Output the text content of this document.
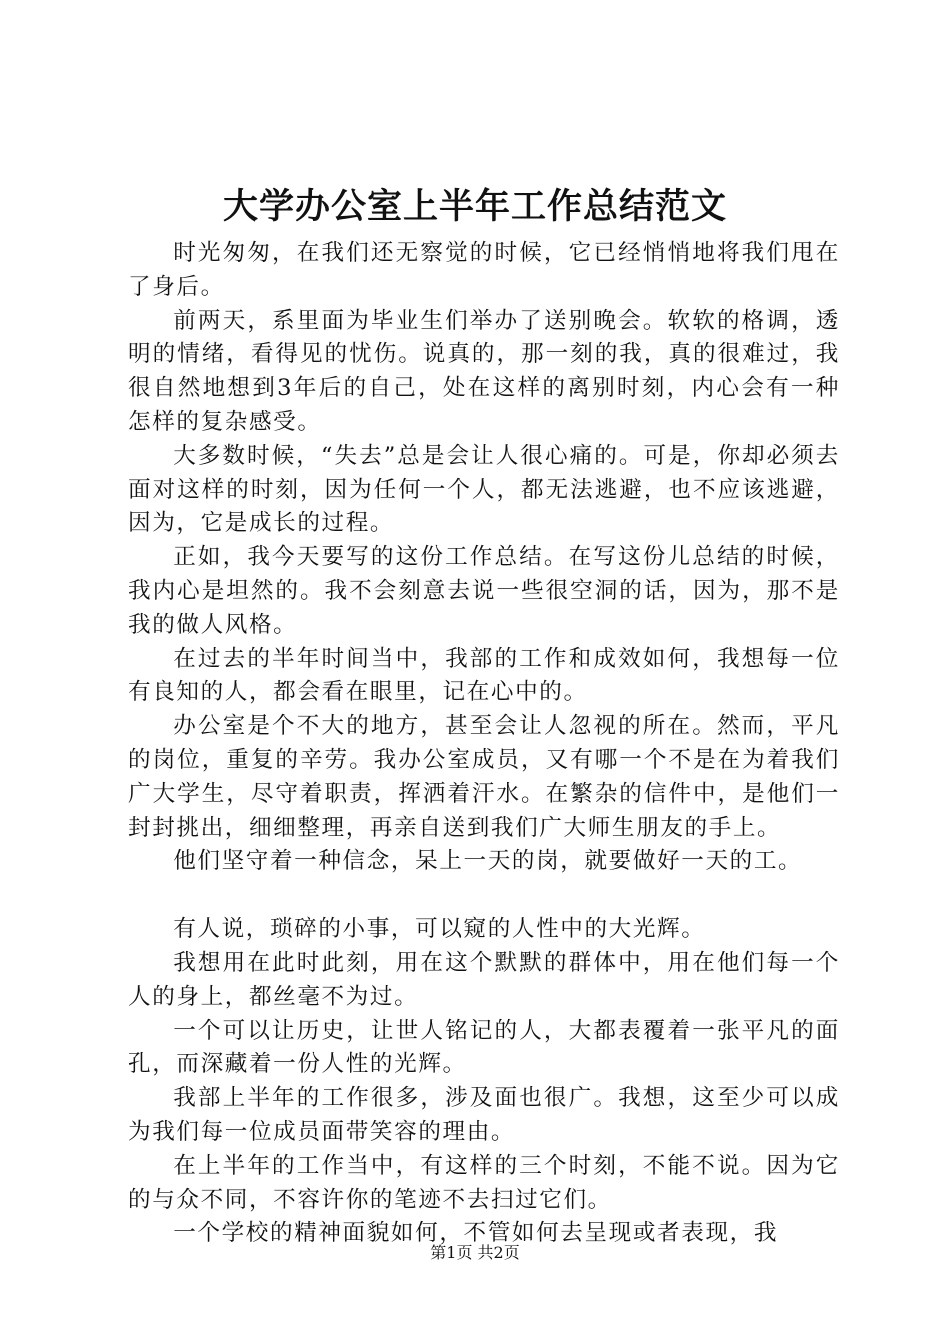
大学办公室上半年工作总结范文

时光匆匆，在我们还无察觉的时候，它已经悄悄地将我们甩在了身后。

前两天，系里面为毕业生们举办了送别晚会。软软的格调，透明的情绪，看得见的忧伤。说真的，那一刻的我，真的很难过，我很自然地想到3年后的自己，处在这样的离别时刻，内心会有一种怎样的复杂感受。

大多数时候，“失去”总是会让人很心痛的。可是，你却必须去面对这样的时刻，因为任何一个人，都无法逃避，也不应该逃避，因为，它是成长的过程。

正如，我今天要写的这份工作总结。在写这份儿总结的时候，我内心是坦然的。我不会刻意去说一些很空洞的话，因为，那不是我的做人风格。

在过去的半年时间当中，我部的工作和成效如何，我想每一位有良知的人，都会看在眼里，记在心中的。

办公室是个不大的地方，甚至会让人忽视的所在。然而，平凡的岗位，重复的辛劳。我办公室成员，又有哪一个不是在为着我们广大学生，尽守着职责，挥洒着汗水。在繁杂的信件中，是他们一封封挑出，细细整理，再亲自送到我们广大师生朋友的手上。

他们坚守着一种信念，呆上一天的岗，就要做好一天的工。

有人说，琐碎的小事，可以窥的人性中的大光辉。

我想用在此时此刻，用在这个默默的群体中，用在他们每一个人的身上，都丝毫不为过。

一个可以让历史，让世人铭记的人，大都表覆着一张平凡的面孔，而深藏着一份人性的光辉。

我部上半年的工作很多，涉及面也很广。我想，这至少可以成为我们每一位成员面带笑容的理由。

在上半年的工作当中，有这样的三个时刻，不能不说。因为它的与众不同，不容许你的笔迹不去扫过它们。

一个学校的精神面貌如何，不管如何去呈现或者表现，我

第1页 共2页
